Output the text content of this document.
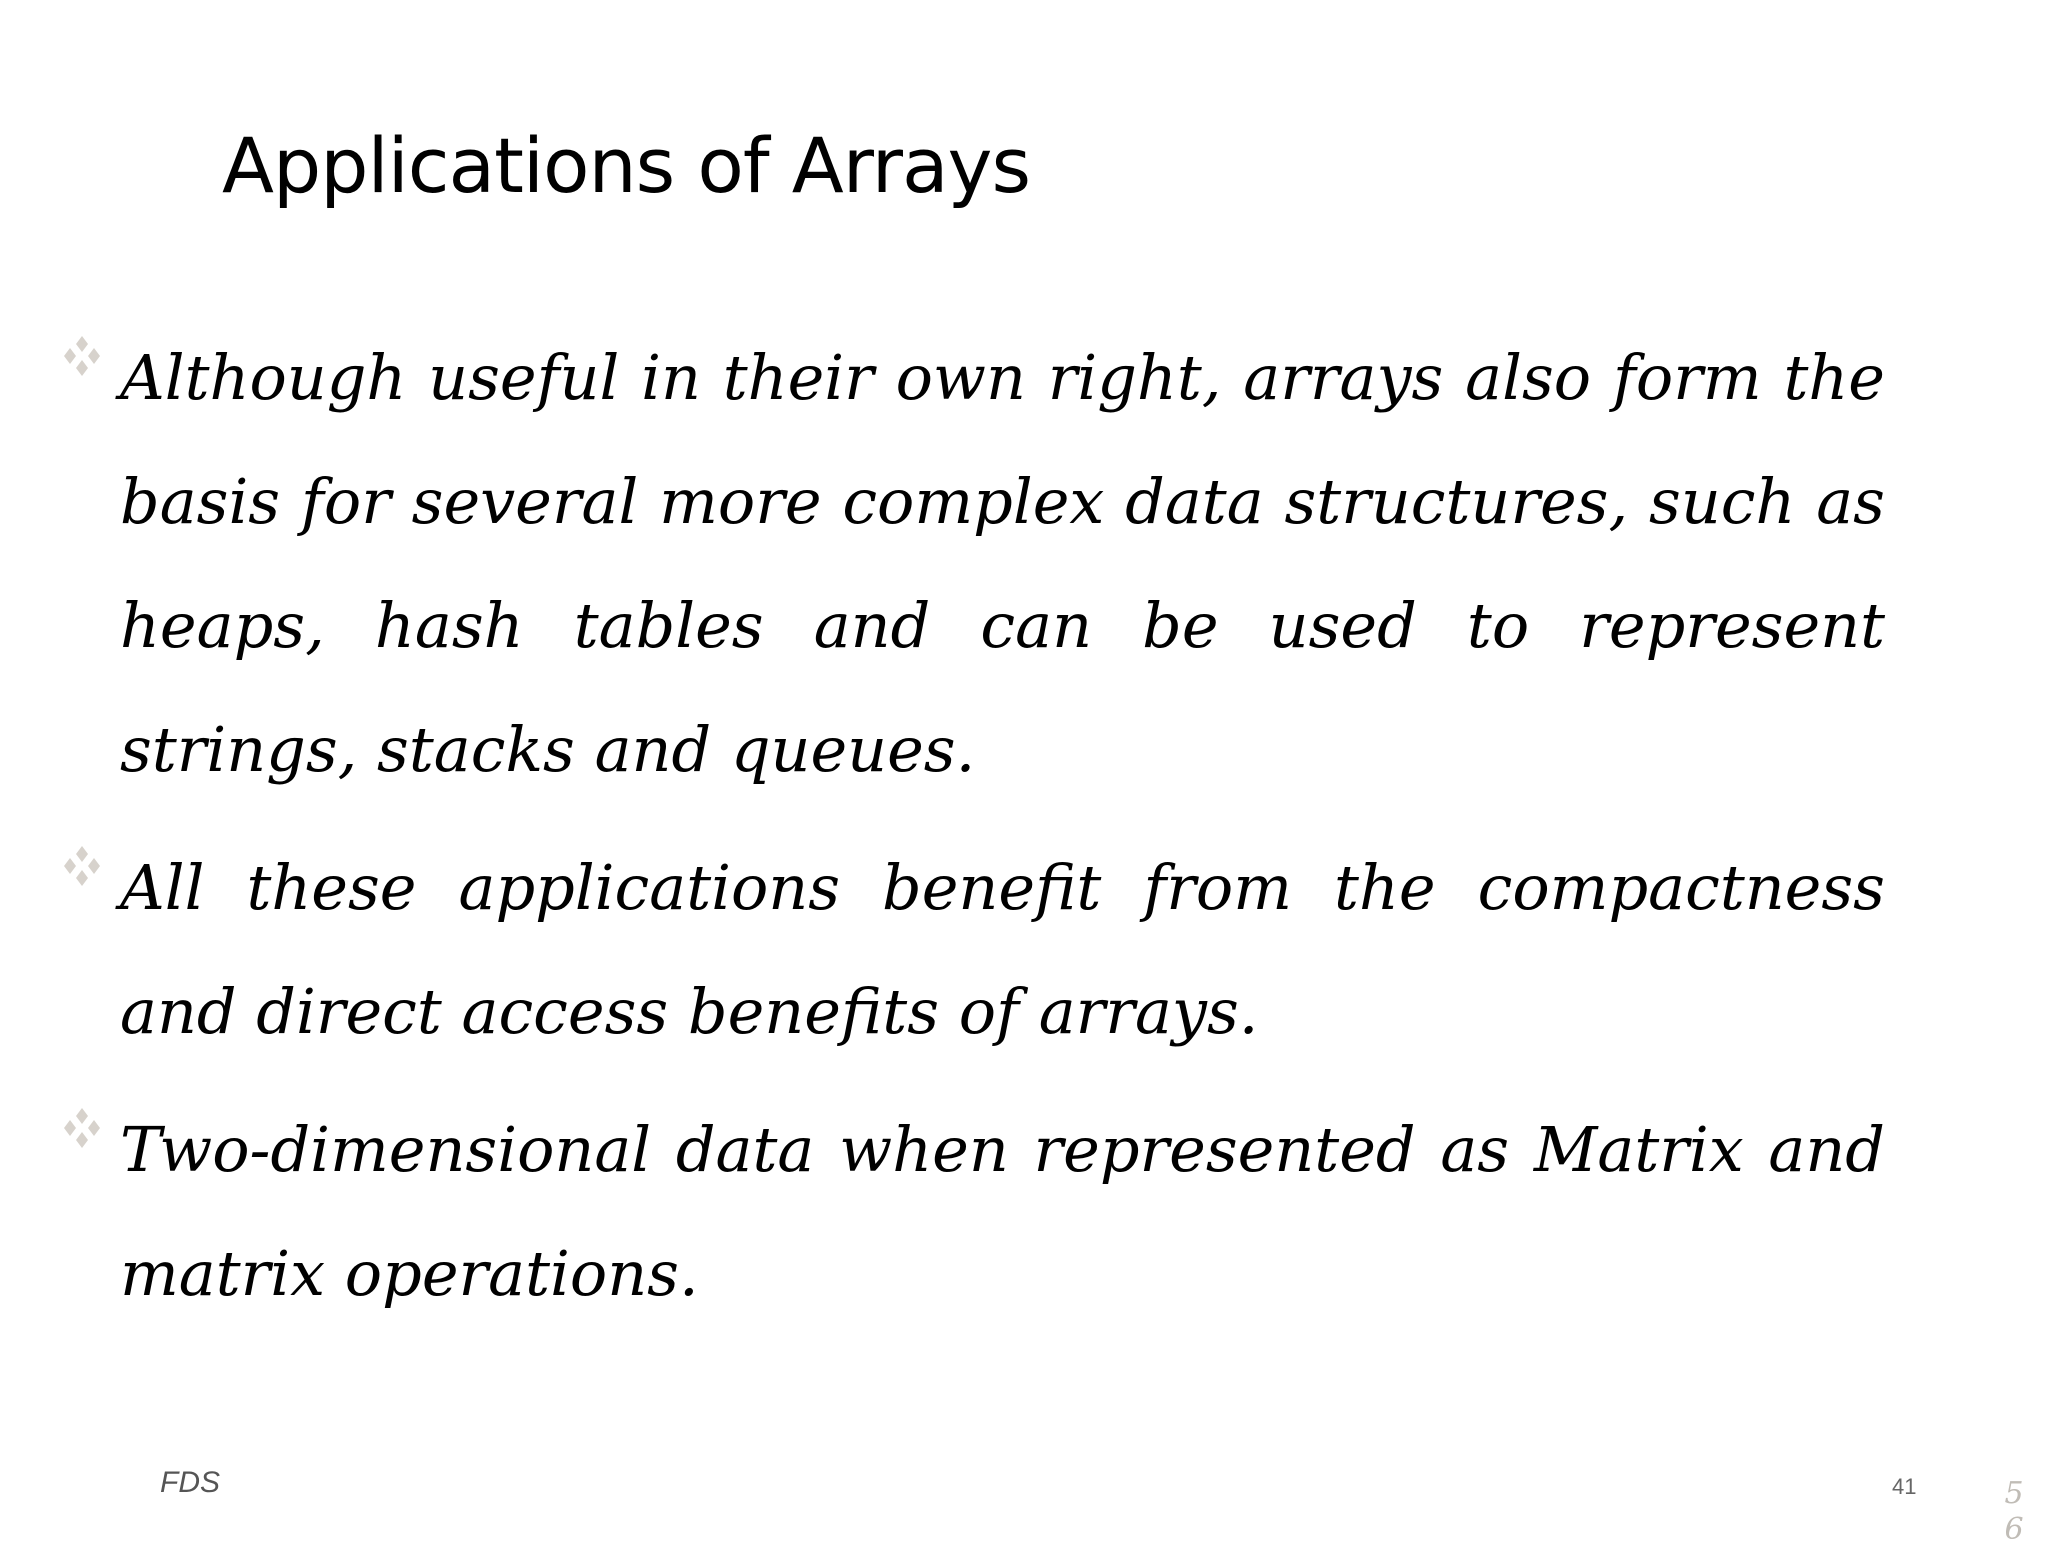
Applications of Arrays
Although useful in their own right, arrays also form the basis for several more complex data structures, such as heaps, hash tables and can be used to represent strings, stacks and queues.
All these applications benefit from the compactness and direct access benefits of arrays.
Two-dimensional data when represented as Matrix and matrix operations.
FDS	41	5
6
